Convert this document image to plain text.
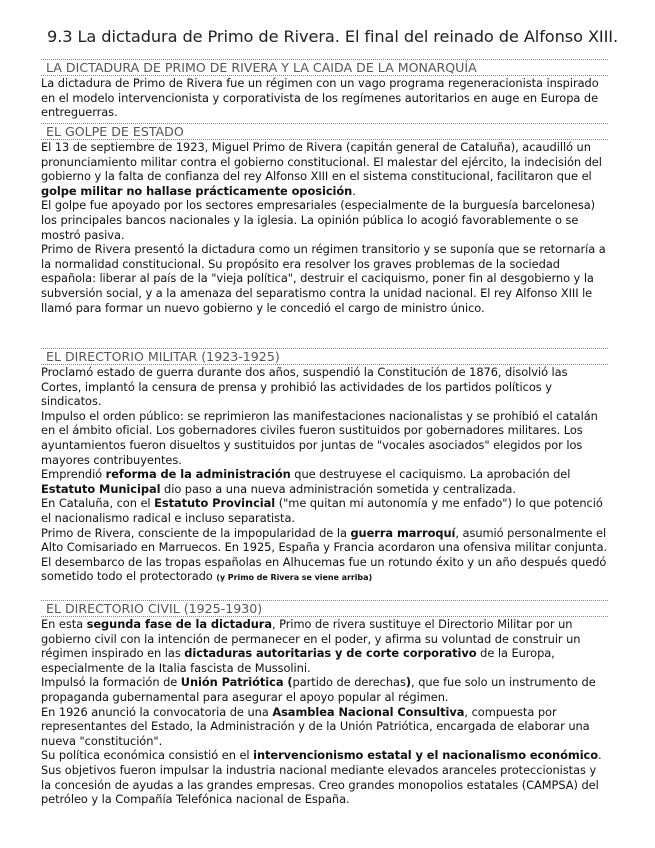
9.3 La dictadura de Primo de Rivera. El final del reinado de Alfonso XIII.
LA DICTADURA DE PRIMO DE RIVERA Y LA CAIDA DE LA MONARQUÍA

La dictadura de Primo de Rivera fue un régimen con un vago programa regeneracionista inspirado en el modelo intervencionista y corporativista de los regímenes autoritarios en auge en Europa de entreguerras.

EL GOLPE DE ESTADO

El 13 de septiembre de 1923, Miguel Primo de Rivera (capitán general de Cataluña), acaudilló un pronunciamiento militar contra el gobierno constitucional. El malestar del ejército, la indecisión del gobierno y la falta de confianza del rey Alfonso XIII en el sistema constitucional, facilitaron que el golpe militar no hallase prácticamente oposición.

El golpe fue apoyado por los sectores empresariales (especialmente de la burguesía barcelonesa) los principales bancos nacionales y la iglesia. La opinión pública lo acogió favorablemente o se mostró pasiva.

Primo de Rivera presentó la dictadura como un régimen transitorio y se suponía que se retornaría a la normalidad constitucional. Su propósito era resolver los graves problemas de la sociedad española: liberar al país de la "vieja política", destruir el caciquismo, poner fin al desgobierno y la subversión social, y a la amenaza del separatismo contra la unidad nacional. El rey Alfonso XIII le llamó para formar un nuevo gobierno y le concedió el cargo de ministro único.

EL DIRECTORIO MILITAR (1923-1925)

Proclamó estado de guerra durante dos años, suspendió la Constitución de 1876, disolvió las Cortes, implantó la censura de prensa y prohibió las actividades de los partidos políticos y sindicatos.

Impulso el orden público: se reprimieron las manifestaciones nacionalistas y se prohibió el catalán en el ámbito oficial. Los gobernadores civiles fueron sustituidos por gobernadores militares. Los ayuntamientos fueron disueltos y sustituidos por juntas de "vocales asociados" elegidos por los mayores contribuyentes.

Emprendió reforma de la administración que destruyese el caciquismo. La aprobación del Estatuto Municipal dio paso a una nueva administración sometida y centralizada.

En Cataluña, con el Estatuto Provincial ("me quitan mi autonomía y me enfado") lo que potenció el nacionalismo radical e incluso separatista.

Primo de Rivera, consciente de la impopularidad de la guerra marroquí, asumió personalmente el Alto Comisariado en Marruecos. En 1925, España y Francia acordaron una ofensiva militar conjunta. El desembarco de las tropas españolas en Alhucemas fue un rotundo éxito y un año después quedó sometido todo el protectorado (y Primo de Rivera se viene arriba)

EL DIRECTORIO CIVIL (1925-1930)

En esta segunda fase de la dictadura, Primo de rivera sustituye el Directorio Militar por un gobierno civil con la intención de permanecer en el poder, y afirma su voluntad de construir un régimen inspirado en las dictaduras autoritarias y de corte corporativo de la Europa, especialmente de la Italia fascista de Mussolini.

Impulsó la formación de Unión Patriótica (partido de derechas), que fue solo un instrumento de propaganda gubernamental para asegurar el apoyo popular al régimen.

En 1926 anunció la convocatoria de una Asamblea Nacional Consultiva, compuesta por representantes del Estado, la Administración y de la Unión Patriótica, encargada de elaborar una nueva "constitución".

Su política económica consistió en el intervencionismo estatal y el nacionalismo económico. Sus objetivos fueron impulsar la industria nacional mediante elevados aranceles proteccionistas y la concesión de ayudas a las grandes empresas. Creo grandes monopolios estatales (CAMPSA) del petróleo y la Compañía Telefónica nacional de España.
